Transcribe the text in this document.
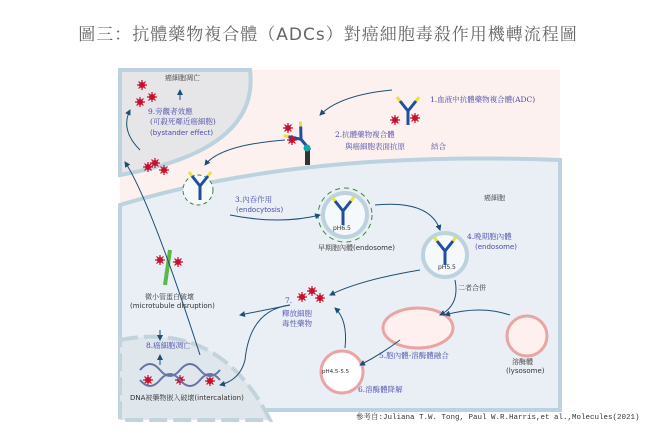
圖三：抗體藥物複合體（ADCs）對癌細胞毒殺作用機轉流程圖
癌細胞凋亡
1.血液中抗體藥物複合體(ADC)
2.抗體藥物複合體
與癌細胞表面抗原	結合
9.旁觀者效應
(可殺死鄰近癌細胞)
(bystander effect)
3.內吞作用
(endocytosis)
癌細胞
pH6.5
早期胞內體(endosome)
4.晚期胞內體
(endosome)
pH5.5
二者合併
微小管蛋白破壞
(microtubule disruption)
7.
釋放細胞
毒性藥物
8.癌細胞凋亡
DNA被藥物嵌入破壞(intercalation)
5.胞內體-溶酶體融合
溶酶體
(lysosome)
pH4.5-5.5
6.溶酶體降解
參考自:Juliana T.W. Tong, Paul W.R.Harris,et al.,Molecules(2021)
